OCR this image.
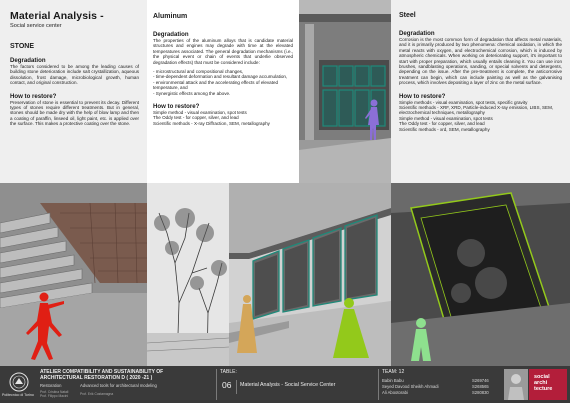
Material Analysis -
Social service center
STONE
Degradation
The factors considered to be among the leading causes of building stone deterioration include salt crystallization, aqueous dissolution, frost damage, microbiological growth, human contact, and original construction.
How to restore?
Preservation of stone is essential to prevent its decay. Different types of stones require different treatments. But in general, stones should be made dry with the help of blow lamp and then a coating of paraffin, linseed oil, light paint, etc. is applied over the surface. This makes a protective coating over the stone.
Aluminum
Degradation
The properties of the aluminum alloys that is candidate material structures and engines may degrade with time at the elevated temperatures associated. The general degradation mechanisms (i.e., the physical event or chain of events that underlie observed degradation effects) that must be considered include:
- microstructural and compositional changes,
- time-dependent deformation and resultant damage accumulation,
- environmental attack and the accelerating effects of elevated temperature, and
- Synergistic effects among the above.
How to restore?
Simple method - visual examination, spot tests
The Oddy test - for copper, silver, and lead
Scientific methods - X-ray Diffraction, SEM, metallography
Steel
Degradation
Corrosion is the most common form of degradation that affects metal materials, and it is primarily produced by two phenomena: chemical oxidation, in which the metal reacts with oxygen, and electrochemical corrosion, which is induced by atmospheric chemicals. When working on deteriorating support, it's important to start with proper preparation, which usually entails cleaning it. You can use iron brushes, sandblasting operations, sanding, or special solvents and detergents, depending on the issue. After the pre-treatment is complete, the anticorrosive treatment can begin, which can include painting as well as the galvanising process, which involves depositing a layer of zinc on the metal surface.
How to restore?
Simple methods - visual examination, spot tests, specific gravity
Scientific methods - XRF, XRD, Particle-induced X-ray emission, LIBS, SEM, electrochemical techniques, metallography
Simple method - visual examination, spot tests
The Oddy test - for copper, silver, and lead
Scientific methods - xrd, SEM, metallography
Politecnico di Torino
ATELIER COMPATIBILITY AND SUSTAINABILITY OF
ARCHITECTURAL RESTORATION D ( 2020 -21 )
Restoration
Prof. Cristina Natali
Prof. Filippo Macini
Advanced tools for architectural modeling
Prof. Erik Costamagna
TABLE:
06 Material Analysis - Social Service Center
TEAM: 12
Babin Babu
Seyed Davood Sheikh Ahmadi
Ali Abootorabi
S269746
S268565
S280830
social
archi
tecture
